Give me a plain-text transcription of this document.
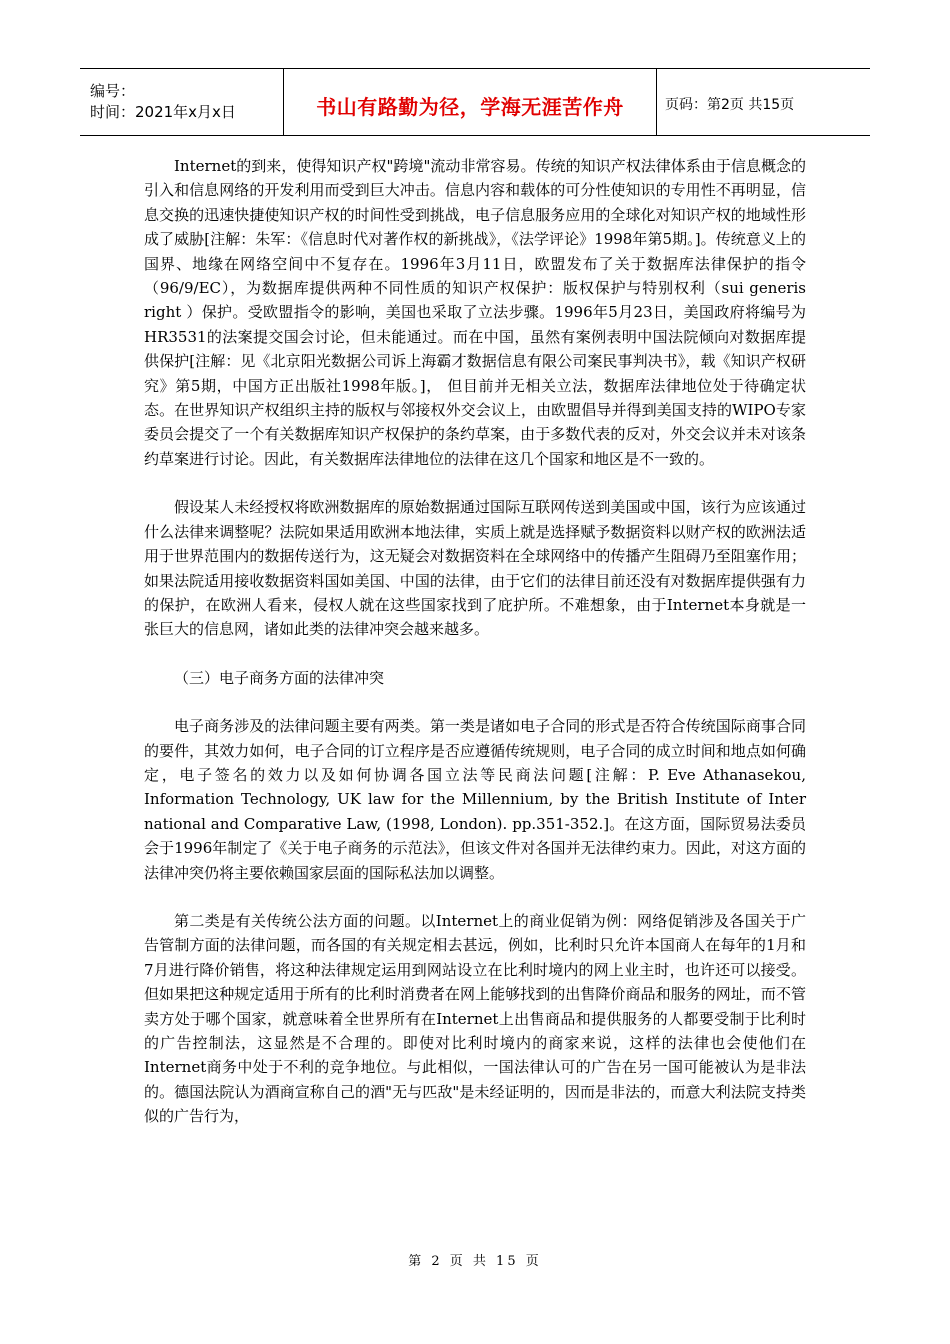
编号：
时间：2021年x月x日	书山有路勤为径，学海无涯苦作舟	页码：第2页 共15页

Internet的到来，使得知识产权"跨境"流动非常容易。传统的知识产权法律体系由于信息概念的引入和信息网络的开发利用而受到巨大冲击。信息内容和载体的可分性使知识的专用性不再明显，信息交换的迅速快捷使知识产权的时间性受到挑战，电子信息服务应用的全球化对知识产权的地域性形成了威胁[注解：朱军：《信息时代对著作权的新挑战》，《法学评论》1998年第5期。]。传统意义上的国界、地缘在网络空间中不复存在。1996年3月11日，欧盟发布了关于数据库法律保护的指令（96/9/EC），为数据库提供两种不同性质的知识产权保护：版权保护与特别权利（sui generis right ）保护。受欧盟指令的影响，美国也采取了立法步骤。1996年5月23日，美国政府将编号为HR3531的法案提交国会讨论，但未能通过。而在中国，虽然有案例表明中国法院倾向对数据库提供保护[注解：见《北京阳光数据公司诉上海霸才数据信息有限公司案民事判决书》，载《知识产权研究》第5期，中国方正出版社1998年版。]， 但目前并无相关立法，数据库法律地位处于待确定状态。在世界知识产权组织主持的版权与邻接权外交会议上，由欧盟倡导并得到美国支持的WIPO专家委员会提交了一个有关数据库知识产权保护的条约草案，由于多数代表的反对，外交会议并未对该条约草案进行讨论。因此，有关数据库法律地位的法律在这几个国家和地区是不一致的。

假设某人未经授权将欧洲数据库的原始数据通过国际互联网传送到美国或中国，该行为应该通过什么法律来调整呢？法院如果适用欧洲本地法律，实质上就是选择赋予数据资料以财产权的欧洲法适用于世界范围内的数据传送行为，这无疑会对数据资料在全球网络中的传播产生阻碍乃至阻塞作用；如果法院适用接收数据资料国如美国、中国的法律，由于它们的法律目前还没有对数据库提供强有力的保护，在欧洲人看来，侵权人就在这些国家找到了庇护所。不难想象，由于Internet本身就是一张巨大的信息网，诸如此类的法律冲突会越来越多。

（三）电子商务方面的法律冲突

电子商务涉及的法律问题主要有两类。第一类是诸如电子合同的形式是否符合传统国际商事合同的要件，其效力如何，电子合同的订立程序是否应遵循传统规则，电子合同的成立时间和地点如何确定，电子签名的效力以及如何协调各国立法等民商法问题[注解：P. Eve Athanasekou, Information Technology, UK law for the Millennium, by the British Institute of Inter national and Comparative Law, (1998, London). pp.351-352.]。在这方面，国际贸易法委员会于1996年制定了《关于电子商务的示范法》，但该文件对各国并无法律约束力。因此，对这方面的法律冲突仍将主要依赖国家层面的国际私法加以调整。

第二类是有关传统公法方面的问题。以Internet上的商业促销为例：网络促销涉及各国关于广告管制方面的法律问题，而各国的有关规定相去甚远，例如，比利时只允许本国商人在每年的1月和7月进行降价销售，将这种法律规定运用到网站设立在比利时境内的网上业主时，也许还可以接受。但如果把这种规定适用于所有的比利时消费者在网上能够找到的出售降价商品和服务的网址，而不管卖方处于哪个国家，就意味着全世界所有在Internet上出售商品和提供服务的人都要受制于比利时的广告控制法，这显然是不合理的。即使对比利时境内的商家来说，这样的法律也会使他们在Internet商务中处于不利的竞争地位。与此相似，一国法律认可的广告在另一国可能被认为是非法的。德国法院认为酒商宣称自己的酒"无与匹敌"是未经证明的，因而是非法的，而意大利法院支持类似的广告行为，

第 2 页 共 15 页
